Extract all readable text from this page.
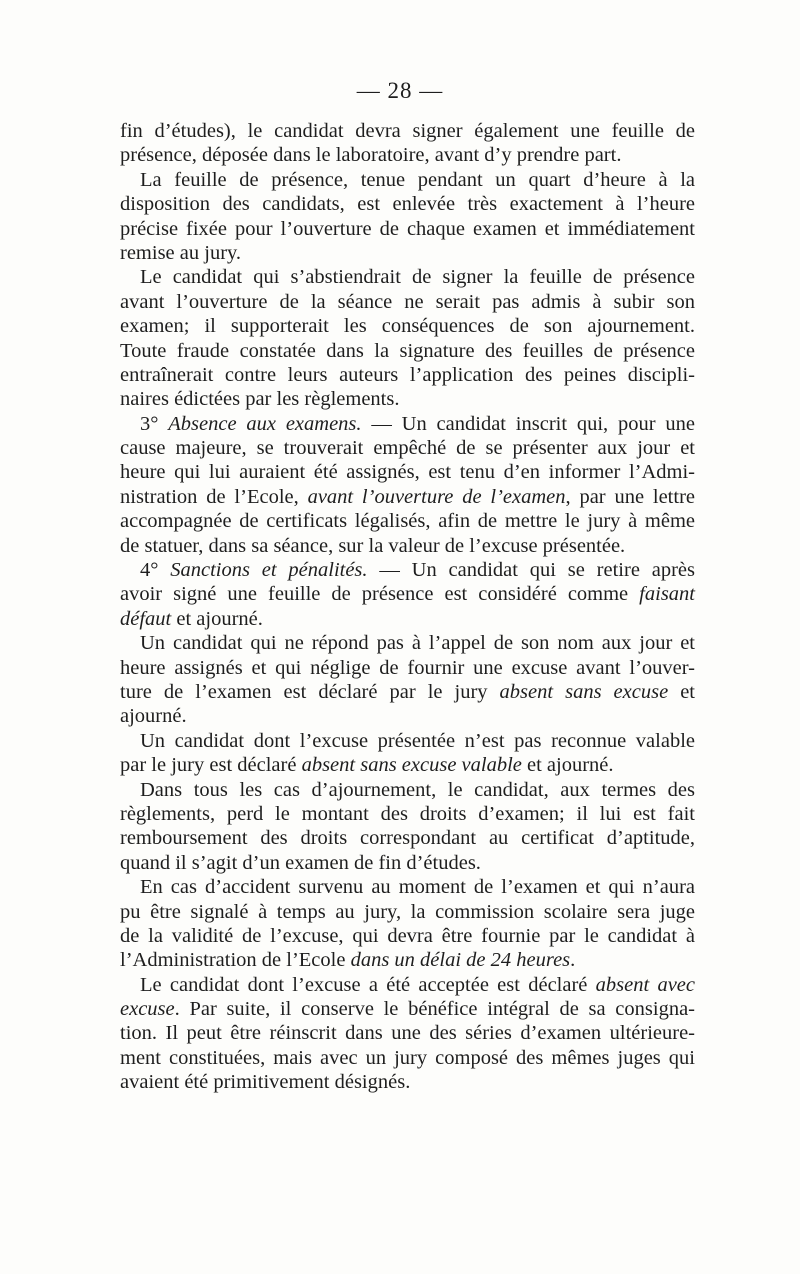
— 28 —
fin d’études), le candidat devra signer également une feuille de
présence, déposée dans le laboratoire, avant d’y prendre part.
La feuille de présence, tenue pendant un quart d’heure à la
disposition des candidats, est enlevée très exactement à l’heure
précise fixée pour l’ouverture de chaque examen et immédiatement
remise au jury.
Le candidat qui s’abstiendrait de signer la feuille de présence
avant l’ouverture de la séance ne serait pas admis à subir son
examen; il supporterait les conséquences de son ajournement.
Toute fraude constatée dans la signature des feuilles de présence
entraînerait contre leurs auteurs l’application des peines discipli-
naires édictées par les règlements.
3° Absence aux examens. — Un candidat inscrit qui, pour une
cause majeure, se trouverait empêché de se présenter aux jour et
heure qui lui auraient été assignés, est tenu d’en informer l’Admi-
nistration de l’Ecole, avant l’ouverture de l’examen, par une lettre
accompagnée de certificats légalisés, afin de mettre le jury à même
de statuer, dans sa séance, sur la valeur de l’excuse présentée.
4° Sanctions et pénalités. — Un candidat qui se retire après
avoir signé une feuille de présence est considéré comme faisant
défaut et ajourné.
Un candidat qui ne répond pas à l’appel de son nom aux jour et
heure assignés et qui néglige de fournir une excuse avant l’ouver-
ture de l’examen est déclaré par le jury absent sans excuse et
ajourné.
Un candidat dont l’excuse présentée n’est pas reconnue valable
par le jury est déclaré absent sans excuse valable et ajourné.
Dans tous les cas d’ajournement, le candidat, aux termes des
règlements, perd le montant des droits d’examen; il lui est fait
remboursement des droits correspondant au certificat d’aptitude,
quand il s’agit d’un examen de fin d’études.
En cas d’accident survenu au moment de l’examen et qui n’aura
pu être signalé à temps au jury, la commission scolaire sera juge
de la validité de l’excuse, qui devra être fournie par le candidat à
l’Administration de l’Ecole dans un délai de 24 heures.
Le candidat dont l’excuse a été acceptée est déclaré absent avec
excuse. Par suite, il conserve le bénéfice intégral de sa consigna-
tion. Il peut être réinscrit dans une des séries d’examen ultérieure-
ment constituées, mais avec un jury composé des mêmes juges qui
avaient été primitivement désignés.
